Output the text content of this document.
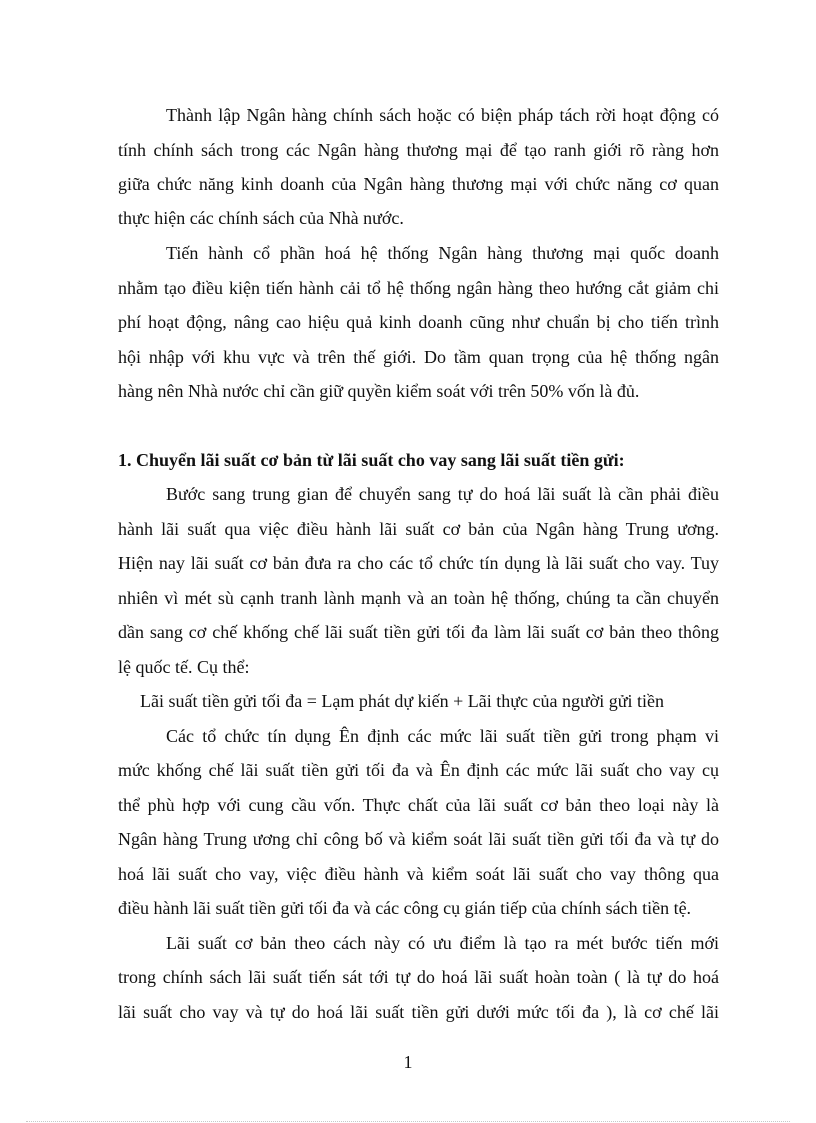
Thành lập Ngân hàng chính sách hoặc có biện pháp tách rời hoạt động có
tính chính sách trong các Ngân hàng thương mại để tạo ranh giới rõ ràng hơn
giữa chức năng kinh doanh của Ngân hàng thương mại với chức năng cơ quan
thực hiện các chính sách của Nhà nước.
Tiến hành cổ phần hoá hệ thống Ngân hàng thương mại quốc doanh
nhằm tạo điều kiện tiến hành cải tổ hệ thống ngân hàng theo hướng cắt giảm chi
phí hoạt động, nâng cao hiệu quả kinh doanh cũng như chuẩn bị cho tiến trình
hội nhập với khu vực và trên thế giới. Do tầm quan trọng của hệ thống ngân
hàng nên Nhà nước chỉ cần giữ quyền kiểm soát với trên 50% vốn là đủ.
1. Chuyển lãi suất cơ bản từ lãi suất cho vay sang lãi suất tiền gửi:
Bước sang trung gian để chuyển sang tự do hoá lãi suất là cần phải điều
hành lãi suất qua việc điều hành lãi suất cơ bản của Ngân hàng Trung ương.
Hiện nay lãi suất cơ bản đưa ra cho các tổ chức tín dụng là lãi suất cho vay. Tuy
nhiên vì mét sù cạnh tranh lành mạnh và an toàn hệ thống, chúng ta cần chuyển
dần sang cơ chế khống chế lãi suất tiền gửi tối đa làm lãi suất cơ bản theo thông
lệ quốc tế. Cụ thể:
Lãi suất tiền gửi tối đa = Lạm phát dự kiến + Lãi thực của người gửi tiền
Các tổ chức tín dụng Ên định các mức lãi suất tiền gửi trong phạm vi
mức khống chế lãi suất tiền gửi tối đa và Ên định các mức lãi suất cho vay cụ
thể phù hợp với cung cầu vốn. Thực chất của lãi suất cơ bản theo loại này là
Ngân hàng Trung ương chỉ công bố và kiểm soát lãi suất tiền gửi tối đa và tự do
hoá lãi suất cho vay, việc điều hành và kiểm soát lãi suất cho vay thông qua
điều hành lãi suất tiền gửi tối đa và các công cụ gián tiếp của chính sách tiền tệ.
Lãi suất cơ bản theo cách này có ưu điểm là tạo ra mét bước tiến mới
trong chính sách lãi suất tiến sát tới tự do hoá lãi suất hoàn toàn ( là tự do hoá
lãi suất cho vay và tự do hoá lãi suất tiền gửi dưới mức tối đa ), là cơ chế lãi
1
